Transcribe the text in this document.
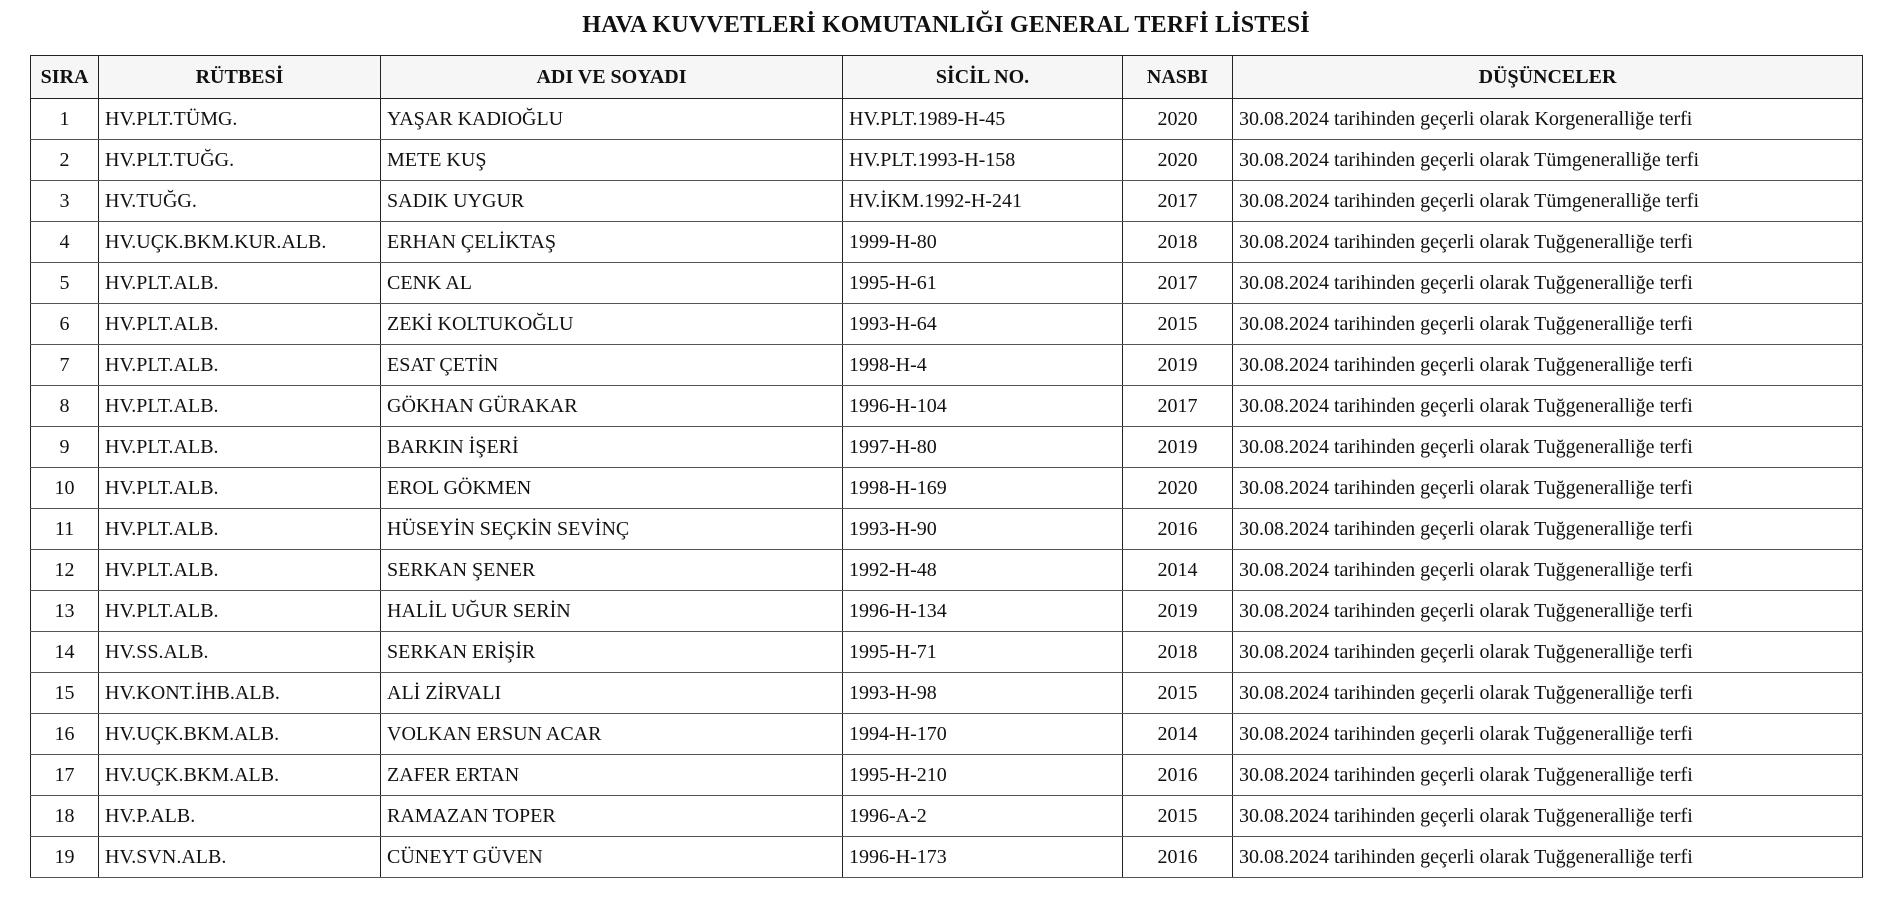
HAVA KUVVETLERİ KOMUTANLIĞI GENERAL TERFİ LİSTESİ
SIRA	RÜTBESİ	ADI VE SOYADI	SİCİL NO.	NASBI	DÜŞÜNCELER
1	HV.PLT.TÜMG.	YAŞAR KADIOĞLU	HV.PLT.1989-H-45	2020	30.08.2024 tarihinden geçerli olarak Korgeneralliğe terfi
2	HV.PLT.TUĞG.	METE KUŞ	HV.PLT.1993-H-158	2020	30.08.2024 tarihinden geçerli olarak Tümgeneralliğe terfi
3	HV.TUĞG.	SADIK UYGUR	HV.İKM.1992-H-241	2017	30.08.2024 tarihinden geçerli olarak Tümgeneralliğe terfi
4	HV.UÇK.BKM.KUR.ALB.	ERHAN ÇELİKTAŞ	1999-H-80	2018	30.08.2024 tarihinden geçerli olarak Tuğgeneralliğe terfi
5	HV.PLT.ALB.	CENK AL	1995-H-61	2017	30.08.2024 tarihinden geçerli olarak Tuğgeneralliğe terfi
6	HV.PLT.ALB.	ZEKİ KOLTUKOĞLU	1993-H-64	2015	30.08.2024 tarihinden geçerli olarak Tuğgeneralliğe terfi
7	HV.PLT.ALB.	ESAT ÇETİN	1998-H-4	2019	30.08.2024 tarihinden geçerli olarak Tuğgeneralliğe terfi
8	HV.PLT.ALB.	GÖKHAN GÜRAKAR	1996-H-104	2017	30.08.2024 tarihinden geçerli olarak Tuğgeneralliğe terfi
9	HV.PLT.ALB.	BARKIN İŞERİ	1997-H-80	2019	30.08.2024 tarihinden geçerli olarak Tuğgeneralliğe terfi
10	HV.PLT.ALB.	EROL GÖKMEN	1998-H-169	2020	30.08.2024 tarihinden geçerli olarak Tuğgeneralliğe terfi
11	HV.PLT.ALB.	HÜSEYİN SEÇKİN SEVİNÇ	1993-H-90	2016	30.08.2024 tarihinden geçerli olarak Tuğgeneralliğe terfi
12	HV.PLT.ALB.	SERKAN ŞENER	1992-H-48	2014	30.08.2024 tarihinden geçerli olarak Tuğgeneralliğe terfi
13	HV.PLT.ALB.	HALİL UĞUR SERİN	1996-H-134	2019	30.08.2024 tarihinden geçerli olarak Tuğgeneralliğe terfi
14	HV.SS.ALB.	SERKAN ERİŞİR	1995-H-71	2018	30.08.2024 tarihinden geçerli olarak Tuğgeneralliğe terfi
15	HV.KONT.İHB.ALB.	ALİ ZİRVALI	1993-H-98	2015	30.08.2024 tarihinden geçerli olarak Tuğgeneralliğe terfi
16	HV.UÇK.BKM.ALB.	VOLKAN ERSUN ACAR	1994-H-170	2014	30.08.2024 tarihinden geçerli olarak Tuğgeneralliğe terfi
17	HV.UÇK.BKM.ALB.	ZAFER ERTAN	1995-H-210	2016	30.08.2024 tarihinden geçerli olarak Tuğgeneralliğe terfi
18	HV.P.ALB.	RAMAZAN TOPER	1996-A-2	2015	30.08.2024 tarihinden geçerli olarak Tuğgeneralliğe terfi
19	HV.SVN.ALB.	CÜNEYT GÜVEN	1996-H-173	2016	30.08.2024 tarihinden geçerli olarak Tuğgeneralliğe terfi
